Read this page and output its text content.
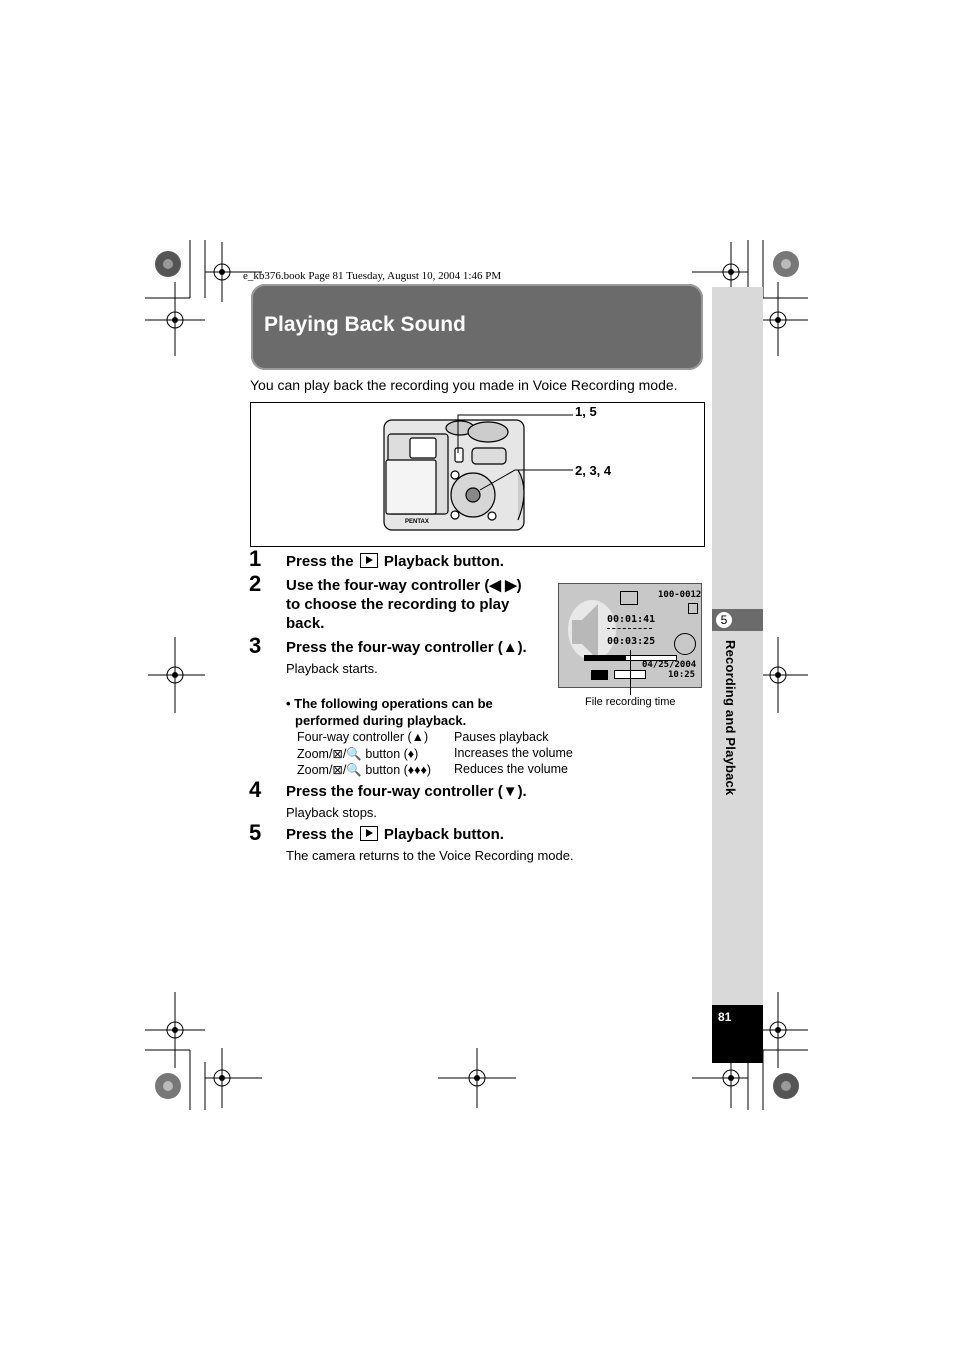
e_kb376.book Page 81 Tuesday, August 10, 2004 1:46 PM
Playing Back Sound
You can play back the recording you made in Voice Recording mode.
5
Recording and Playback
81
PENTAX
1, 5
2, 3, 4
1 Press the Playback button.
2 Use the four-way controller (◀ ▶)
to choose the recording to play
back.
3 Press the four-way controller (▲).
Playback starts.
• The following operations can be
performed during playback.
Four-way controller (▲) Pauses playback
Zoom/⊠/🔍 button (♦)	Increases the volume
Zoom/⊠/🔍 button (♦♦♦) Reduces the volume
4 Press the four-way controller (▼).
Playback stops.
5 Press the Playback button.
The camera returns to the Voice Recording mode.
100-0012
00:01:41
00:03:25
04/25/2004
10:25
File recording time
